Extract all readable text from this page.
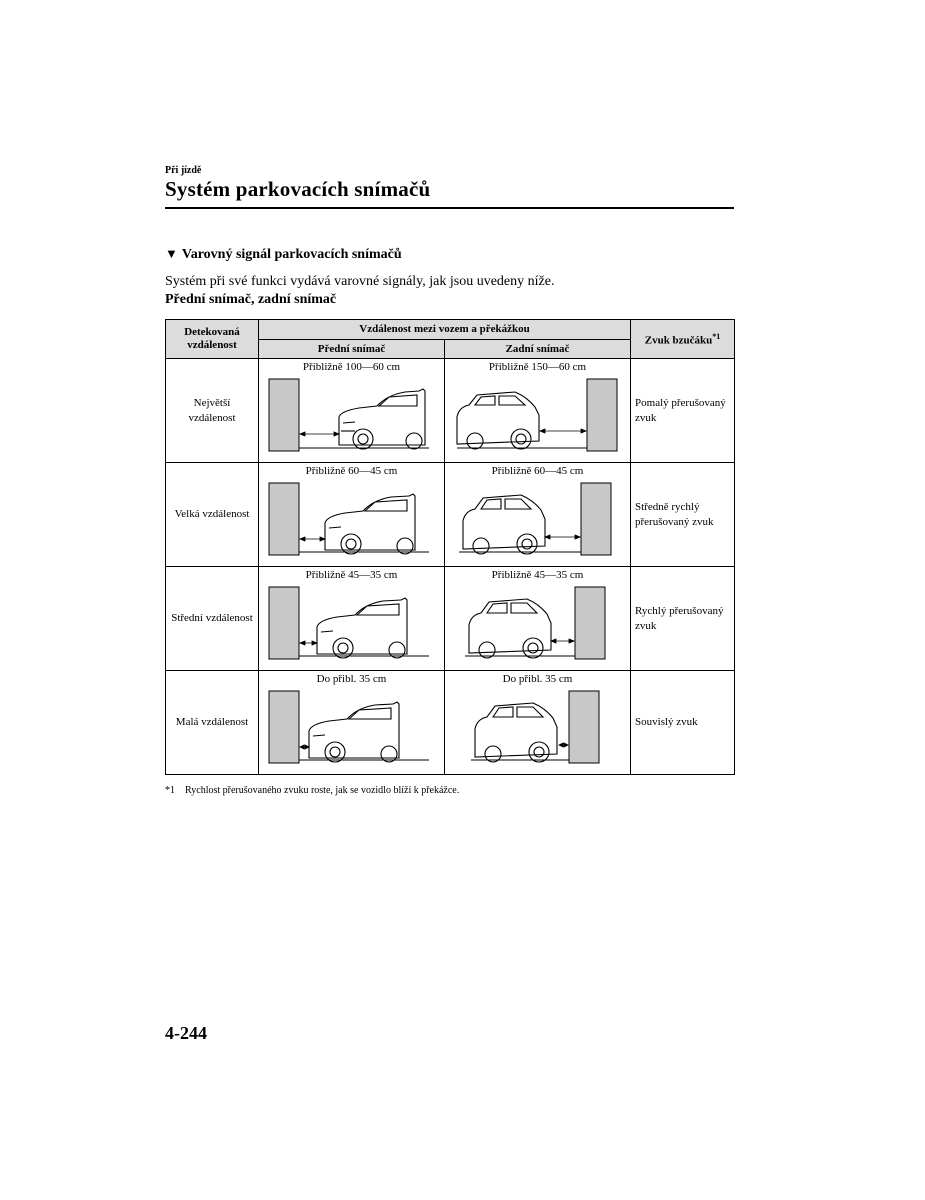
Při jízdě
Systém parkovacích snímačů
▼ Varovný signál parkovacích snímačů
Systém při své funkci vydává varovné signály, jak jsou uvedeny níže.
Přední snímač, zadní snímač
Detekovaná vzdálenost	Vzdálenost mezi vozem a překážkou		Zvuk bzučáku$^{*1}$
	Přední snímač	Zadní snímač	
Největší vzdálenost	Přibližně 100—60 cm	Přibližně 150—60 cm	Pomalý přerušovaný zvuk
Velká vzdálenost	Přibližně 60—45 cm	Přibližně 60—45 cm	Středně rychlý přerušovaný zvuk
Střední vzdálenost	Přibližně 45—35 cm	Přibližně 45—35 cm	Rychlý přerušovaný zvuk
Malá vzdálenost	Do přibl. 35 cm	Do přibl. 35 cm	Souvislý zvuk
*1 Rychlost přerušovaného zvuku roste, jak se vozidlo blíží k překážce.
4-244
